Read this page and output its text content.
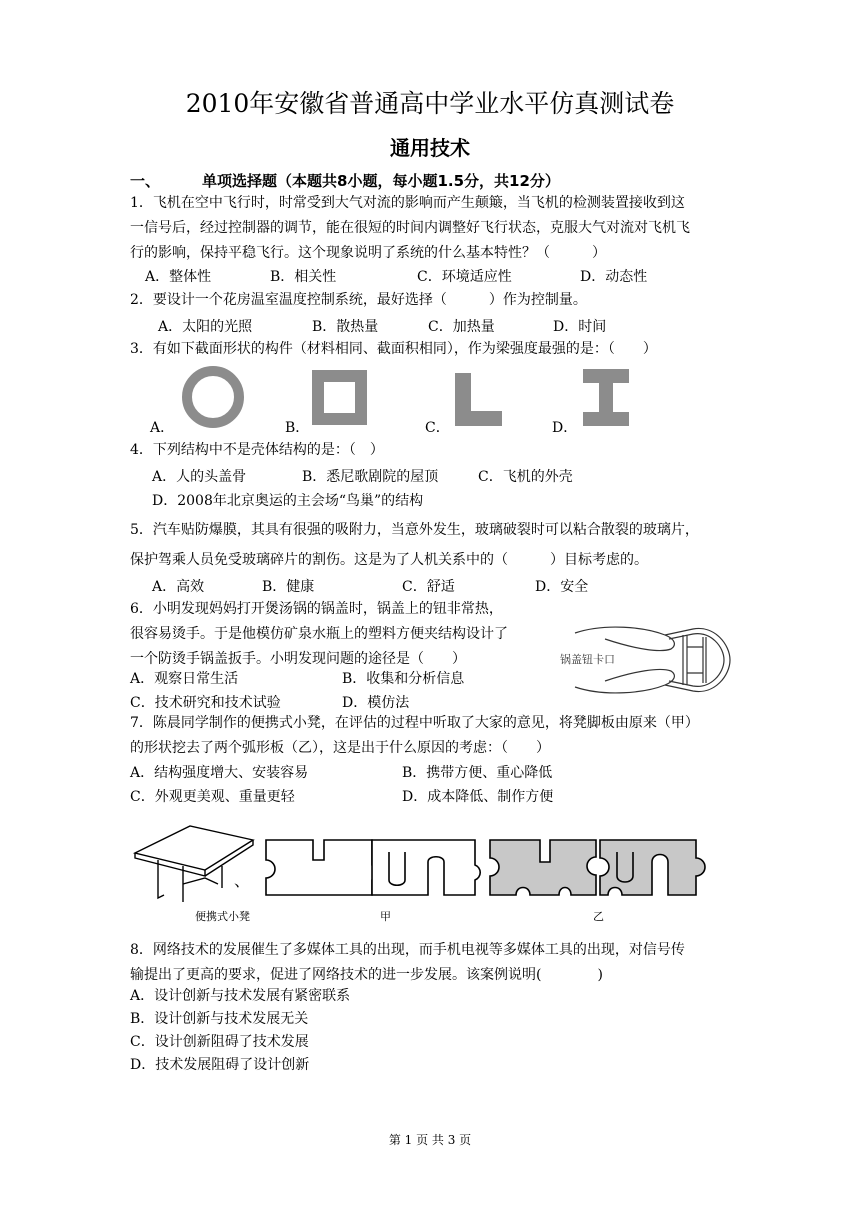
2010年安徽省普通高中学业水平仿真测试卷
通用技术
一、	单项选择题（本题共8小题，每小题1.5分，共12分）
1．飞机在空中飞行时，时常受到大气对流的影响而产生颠簸，当飞机的检测装置接收到这
一信号后，经过控制器的调节，能在很短的时间内调整好飞行状态，克服大气对流对飞机飞
行的影响，保持平稳飞行。这个现象说明了系统的什么基本特性？（　　　）
A．整体性	B．相关性	C．环境适应性	D．动态性
2．要设计一个花房温室温度控制系统，最好选择（　　　）作为控制量。
A．太阳的光照	B．散热量	C．加热量	D．时间
3．有如下截面形状的构件（材料相同、截面积相同），作为梁强度最强的是：（　　）
A．	B．	C．	D．
4．下列结构中不是壳体结构的是：（　）
A．人的头盖骨	B．悉尼歌剧院的屋顶	C．飞机的外壳
D．2008年北京奥运的主会场“鸟巢”的结构
5．汽车贴防爆膜，其具有很强的吸附力，当意外发生，玻璃破裂时可以粘合散裂的玻璃片，
保护驾乘人员免受玻璃碎片的割伤。这是为了人机关系中的（　　　）目标考虑的。
A．高效	B．健康	C．舒适	D．安全
6．小明发现妈妈打开煲汤锅的锅盖时，锅盖上的钮非常热，
很容易烫手。于是他模仿矿泉水瓶上的塑料方便夹结构设计了
一个防烫手锅盖扳手。小明发现问题的途径是（　　）
A．观察日常生活	B．收集和分析信息
C．技术研究和技术试验	D．模仿法
锅盖钮卡口
7．陈晨同学制作的便携式小凳，在评估的过程中听取了大家的意见，将凳脚板由原来（甲）
的形状挖去了两个弧形板（乙），这是出于什么原因的考虑：（　　）
A．结构强度增大、安装容易	B．携带方便、重心降低
C．外观更美观、重量更轻	D．成本降低、制作方便
、
便携式小凳	甲	乙
8．网络技术的发展催生了多媒体工具的出现，而手机电视等多媒体工具的出现，对信号传
输提出了更高的要求，促进了网络技术的进一步发展。该案例说明(　　　　)
A．设计创新与技术发展有紧密联系
B．设计创新与技术发展无关
C．设计创新阻碍了技术发展
D．技术发展阻碍了设计创新
第 1 页 共 3 页
